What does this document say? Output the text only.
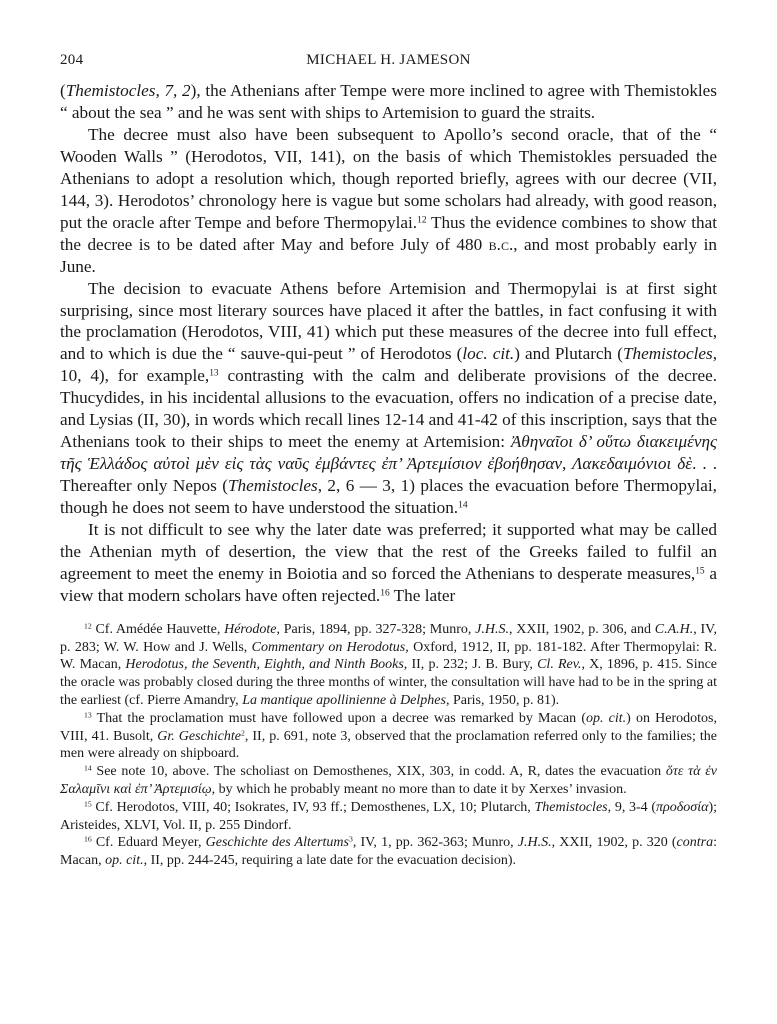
204	MICHAEL H. JAMESON

(Themistocles, 7, 2), the Athenians after Tempe were more inclined to agree with Themistokles “ about the sea ” and he was sent with ships to Artemision to guard the straits.

The decree must also have been subsequent to Apollo’s second oracle, that of the “ Wooden Walls ” (Herodotos, VII, 141), on the basis of which Themistokles persuaded the Athenians to adopt a resolution which, though reported briefly, agrees with our decree (VII, 144, 3). Herodotos’ chronology here is vague but some scholars had already, with good reason, put the oracle after Tempe and before Thermopylai.$^{12}$ Thus the evidence combines to show that the decree is to be dated after May and before July of 480 b.c., and most probably early in June.

The decision to evacuate Athens before Artemision and Thermopylai is at first sight surprising, since most literary sources have placed it after the battles, in fact confusing it with the proclamation (Herodotos, VIII, 41) which put these measures of the decree into full effect, and to which is due the “ sauve-qui-peut ” of Herodotos (loc. cit.) and Plutarch (Themistocles, 10, 4), for example,$^{13}$ contrasting with the calm and deliberate provisions of the decree. Thucydides, in his incidental allusions to the evacuation, offers no indication of a precise date, and Lysias (II, 30), in words which recall lines 12-14 and 41-42 of this inscription, says that the Athenians took to their ships to meet the enemy at Artemision: Ἀθηναῖοι δ’ οὕτω διακειμένης τῆς Ἑλλάδος αὐτοὶ μὲν εἰς τὰς ναῦς ἐμβάντες ἐπ’ Ἀρτεμίσιον ἐβοήθησαν, Λακεδαιμόνιοι δὲ. . . Thereafter only Nepos (Themistocles, 2, 6 — 3, 1) places the evacuation before Thermopylai, though he does not seem to have understood the situation.$^{14}$

It is not difficult to see why the later date was preferred; it supported what may be called the Athenian myth of desertion, the view that the rest of the Greeks failed to fulfil an agreement to meet the enemy in Boiotia and so forced the Athenians to desperate measures,$^{15}$ a view that modern scholars have often rejected.$^{16}$ The later

$^{12}$ Cf. Amédée Hauvette, Hérodote, Paris, 1894, pp. 327-328; Munro, J.H.S., XXII, 1902, p. 306, and C.A.H., IV, p. 283; W. W. How and J. Wells, Commentary on Herodotus, Oxford, 1912, II, pp. 181-182. After Thermopylai: R. W. Macan, Herodotus, the Seventh, Eighth, and Ninth Books, II, p. 232; J. B. Bury, Cl. Rev., X, 1896, p. 415. Since the oracle was probably closed during the three months of winter, the consultation will have had to be in the spring at the earliest (cf. Pierre Amandry, La mantique apollinienne à Delphes, Paris, 1950, p. 81).

$^{13}$ That the proclamation must have followed upon a decree was remarked by Macan (op. cit.) on Herodotos, VIII, 41. Busolt, Gr. Geschichte$^2$, II, p. 691, note 3, observed that the proclamation referred only to the families; the men were already on shipboard.

$^{14}$ See note 10, above. The scholiast on Demosthenes, XIX, 303, in codd. A, R, dates the evacuation ὅτε τὰ ἐν Σαλαμῖνι καὶ ἐπ’ Ἀρτεμισίῳ, by which he probably meant no more than to date it by Xerxes’ invasion.

$^{15}$ Cf. Herodotos, VIII, 40; Isokrates, IV, 93 ff.; Demosthenes, LX, 10; Plutarch, Themistocles, 9, 3-4 (προδοσία); Aristeides, XLVI, Vol. II, p. 255 Dindorf.

$^{16}$ Cf. Eduard Meyer, Geschichte des Altertums$^3$, IV, 1, pp. 362-363; Munro, J.H.S., XXII, 1902, p. 320 (contra: Macan, op. cit., II, pp. 244-245, requiring a late date for the evacuation decision).
